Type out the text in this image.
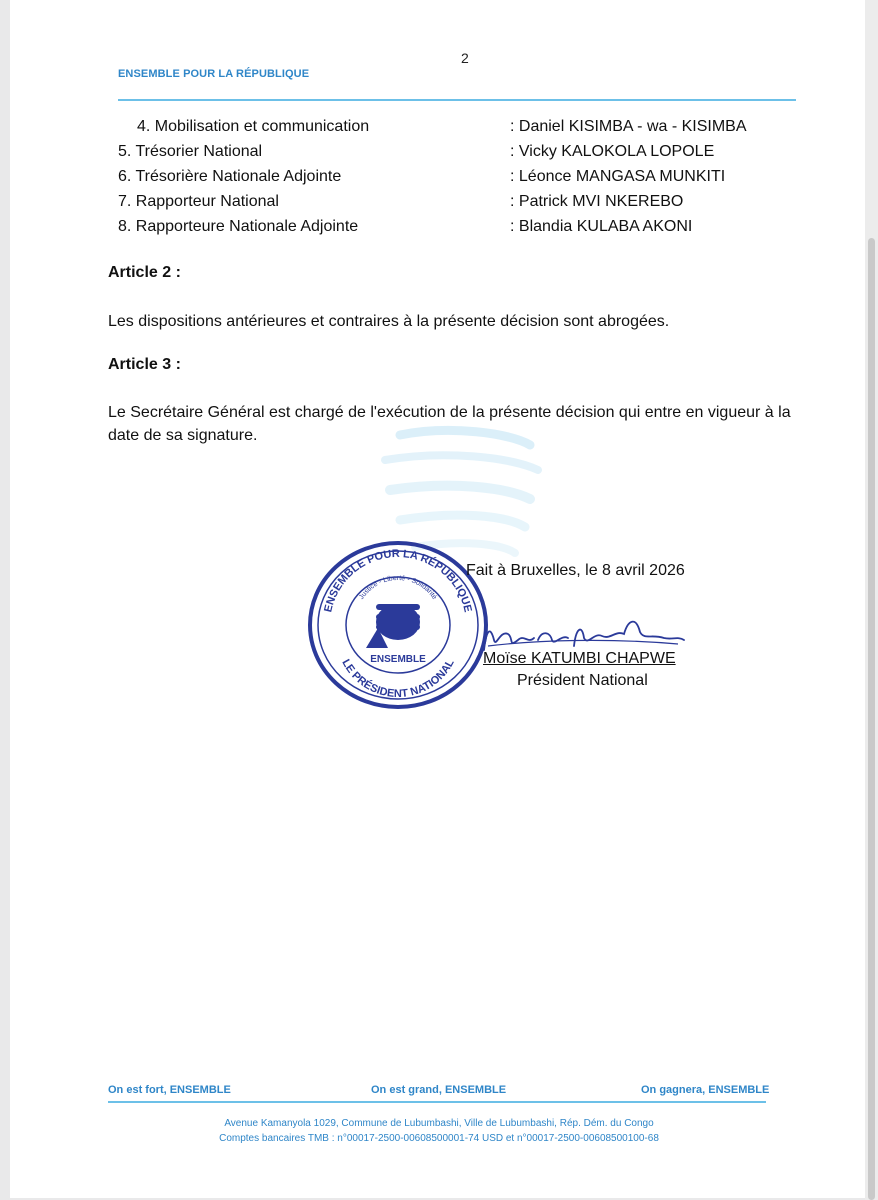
2
ENSEMBLE POUR LA RÉPUBLIQUE
4. Mobilisation et communication	: Daniel KISIMBA - wa - KISIMBA
5. Trésorier National	: Vicky KALOKOLA LOPOLE
6. Trésorière Nationale Adjointe	: Léonce MANGASA MUNKITI
7. Rapporteur National	: Patrick MVI NKEREBO
8. Rapporteure Nationale Adjointe	: Blandia KULABA AKONI
Article 2 :
Les dispositions antérieures et contraires à la présente décision sont abrogées.
Article 3 :
Le Secrétaire Général est chargé de l'exécution de la présente décision qui entre en vigueur à la date de sa signature.
ENSEMBLE POUR LA RÉPUBLIQUE
LE PRÉSIDENT NATIONAL
Justice - Liberté - Solidarité
ENSEMBLE
Fait à Bruxelles, le 8 avril 2026
Moïse KATUMBI CHAPWE
Président National
On est fort, ENSEMBLE	On est grand, ENSEMBLE	On gagnera, ENSEMBLE
Avenue Kamanyola 1029, Commune de Lubumbashi, Ville de Lubumbashi, Rép. Dém. du Congo
Comptes bancaires TMB : n°00017-2500-00608500001-74 USD et n°00017-2500-00608500100-68
